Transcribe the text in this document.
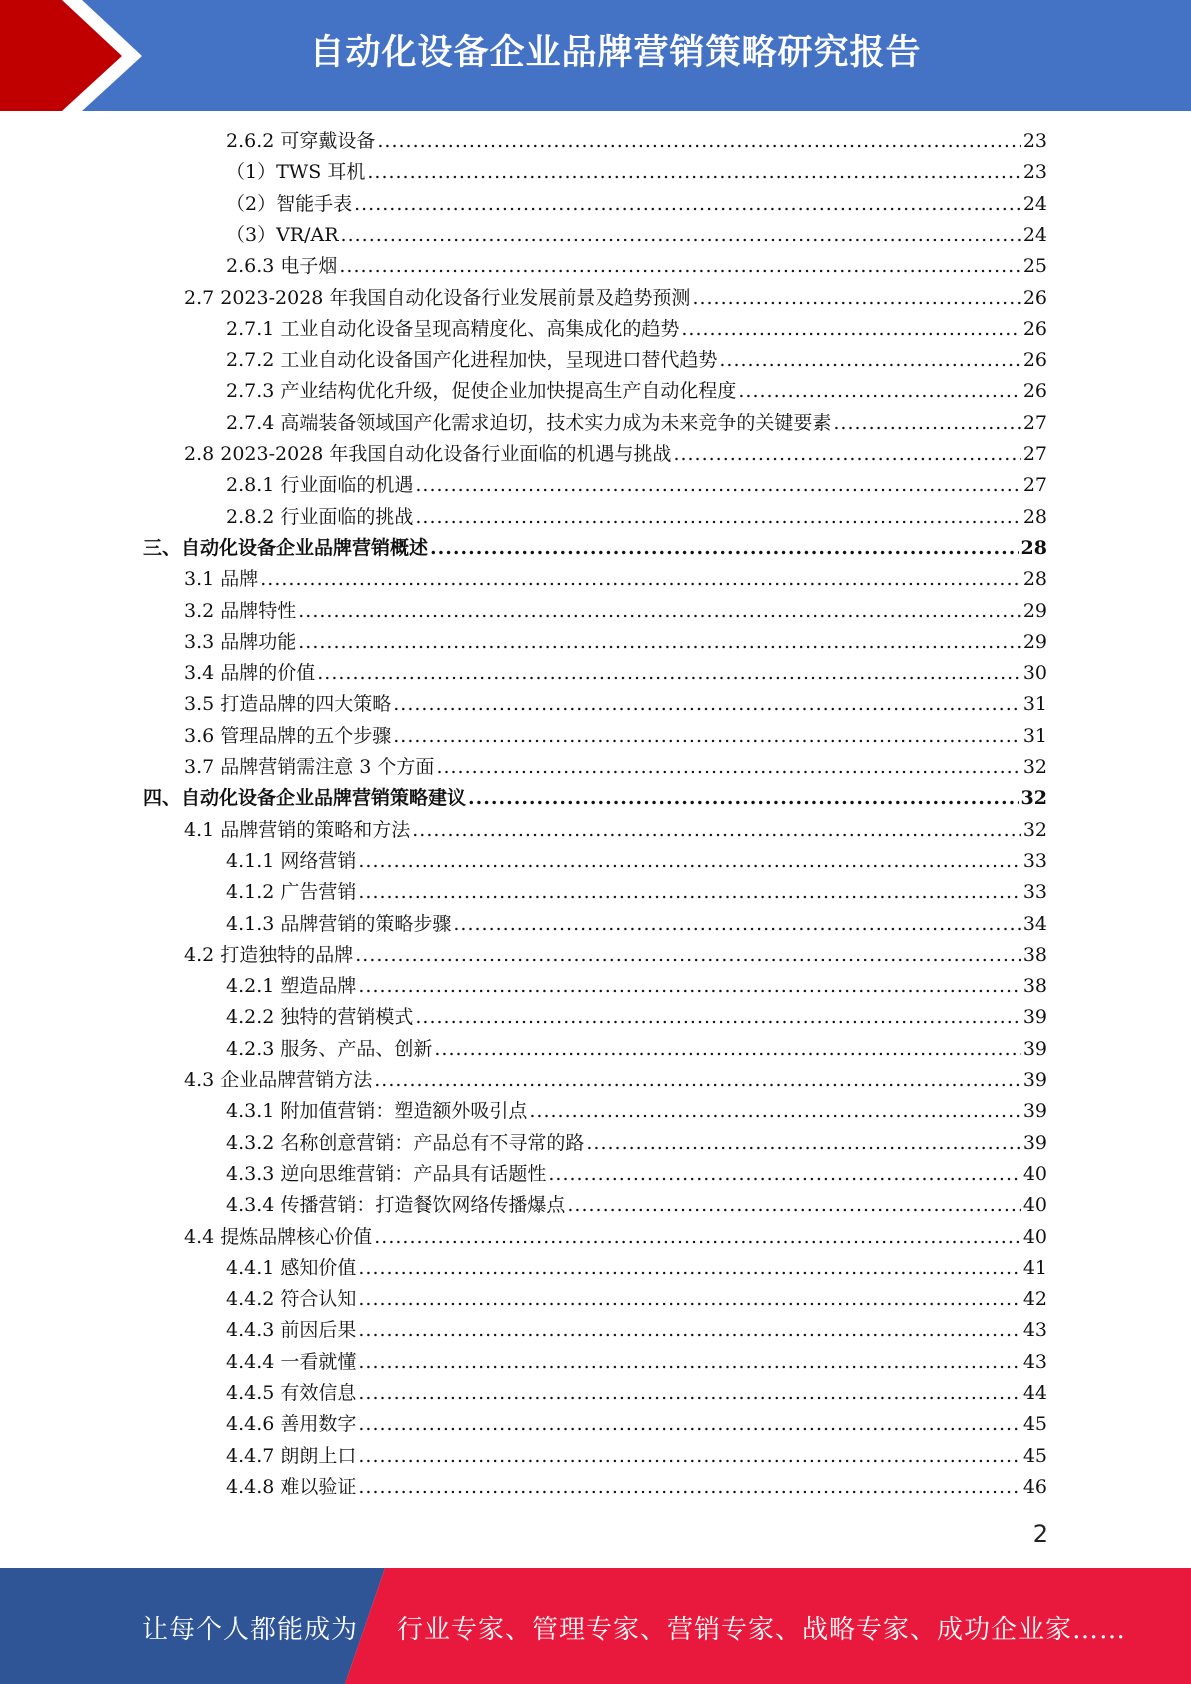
自动化设备企业品牌营销策略研究报告
2.6.2 可穿戴设备 .....	23
（1）TWS 耳机 .....	23
（2）智能手表 .....	24
（3）VR/AR .....	24
2.6.3 电子烟 .....	25
2.7 2023-2028 年我国自动化设备行业发展前景及趋势预测 .....	26
2.7.1 工业自动化设备呈现高精度化、高集成化的趋势 .....	26
2.7.2 工业自动化设备国产化进程加快，呈现进口替代趋势 .....	26
2.7.3 产业结构优化升级，促使企业加快提高生产自动化程度 .....	26
2.7.4 高端装备领域国产化需求迫切，技术实力成为未来竞争的关键要素 .....	27
2.8 2023-2028 年我国自动化设备行业面临的机遇与挑战 .....	27
2.8.1 行业面临的机遇 .....	27
2.8.2 行业面临的挑战 .....	28
三、自动化设备企业品牌营销概述 .....	28
3.1 品牌 .....	28
3.2 品牌特性 .....	29
3.3 品牌功能 .....	29
3.4 品牌的价值 .....	30
3.5 打造品牌的四大策略 .....	31
3.6 管理品牌的五个步骤 .....	31
3.7 品牌营销需注意 3 个方面 .....	32
四、自动化设备企业品牌营销策略建议 .....	32
4.1 品牌营销的策略和方法 .....	32
4.1.1 网络营销 .....	33
4.1.2 广告营销 .....	33
4.1.3 品牌营销的策略步骤 .....	34
4.2 打造独特的品牌 .....	38
4.2.1 塑造品牌 .....	38
4.2.2 独特的营销模式 .....	39
4.2.3 服务、产品、创新 .....	39
4.3 企业品牌营销方法 .....	39
4.3.1 附加值营销：塑造额外吸引点 .....	39
4.3.2 名称创意营销：产品总有不寻常的路 .....	39
4.3.3 逆向思维营销：产品具有话题性 .....	40
4.3.4 传播营销：打造餐饮网络传播爆点 .....	40
4.4 提炼品牌核心价值 .....	40
4.4.1 感知价值 .....	41
4.4.2 符合认知 .....	42
4.4.3 前因后果 .....	43
4.4.4 一看就懂 .....	43
4.4.5 有效信息 .....	44
4.4.6 善用数字 .....	45
4.4.7 朗朗上口 .....	45
4.4.8 难以验证 .....	46
2
让每个人都能成为 行业专家、管理专家、营销专家、战略专家、成功企业家……
